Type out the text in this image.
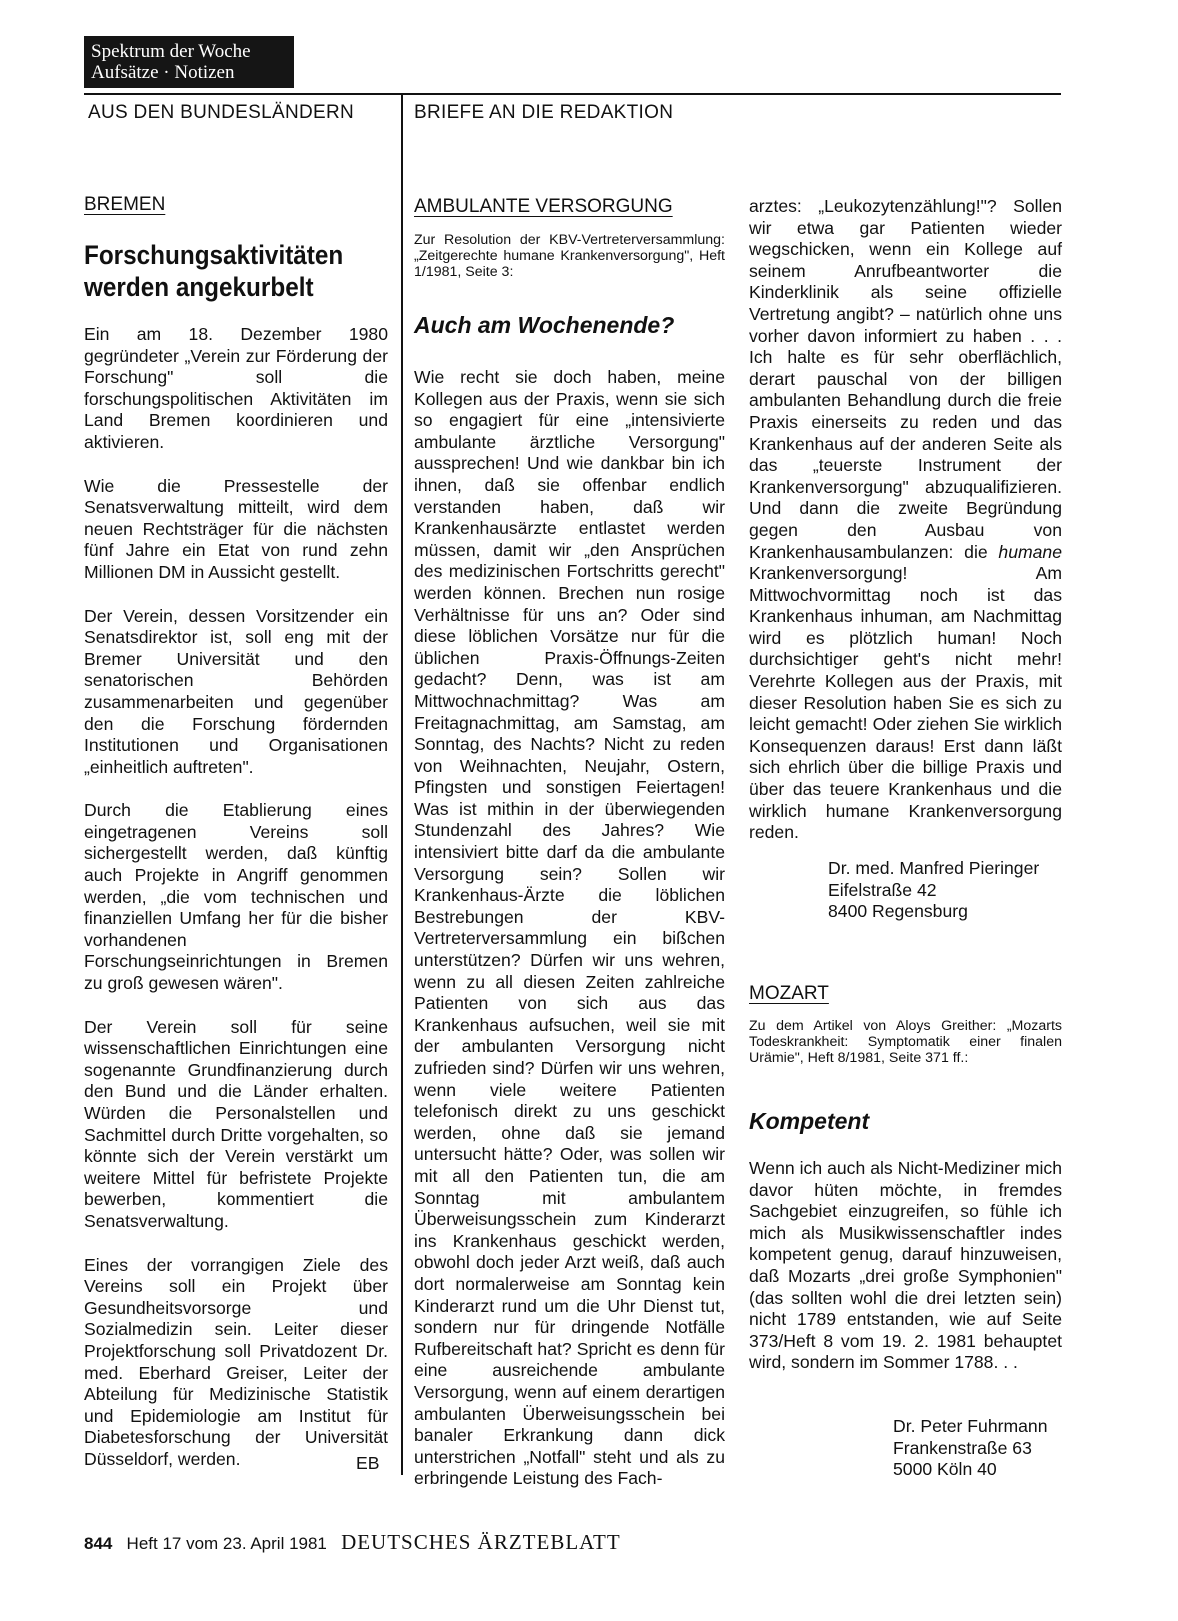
Spektrum der Woche
Aufsätze · Notizen
AUS DEN BUNDESLÄNDERN	BRIEFE AN DIE REDAKTION
BREMEN
Forschungsaktivitäten
werden angekurbelt

Ein am 18. Dezember 1980 gegründeter „Verein zur Förderung der Forschung" soll die forschungspolitischen Aktivitäten im Land Bremen koordinieren und aktivieren.

Wie die Pressestelle der Senatsverwaltung mitteilt, wird dem neuen Rechtsträger für die nächsten fünf Jahre ein Etat von rund zehn Millionen DM in Aussicht gestellt.

Der Verein, dessen Vorsitzender ein Senatsdirektor ist, soll eng mit der Bremer Universität und den senatorischen Behörden zusammenarbeiten und gegenüber den die Forschung fördernden Institutionen und Organisationen „einheitlich auftreten".

Durch die Etablierung eines eingetragenen Vereins soll sichergestellt werden, daß künftig auch Projekte in Angriff genommen werden, „die vom technischen und finanziellen Umfang her für die bisher vorhandenen Forschungseinrichtungen in Bremen zu groß gewesen wären".

Der Verein soll für seine wissenschaftlichen Einrichtungen eine sogenannte Grundfinanzierung durch den Bund und die Länder erhalten. Würden die Personalstellen und Sachmittel durch Dritte vorgehalten, so könnte sich der Verein verstärkt um weitere Mittel für befristete Projekte bewerben, kommentiert die Senatsverwaltung.

Eines der vorrangigen Ziele des Vereins soll ein Projekt über Gesundheitsvorsorge und Sozialmedizin sein. Leiter dieser Projektforschung soll Privatdozent Dr. med. Eberhard Greiser, Leiter der Abteilung für Medizinische Statistik und Epidemiologie am Institut für Diabetesforschung der Universität Düsseldorf, werden.	EB
AMBULANTE VERSORGUNG
Zur Resolution der KBV-Vertreterversammlung: „Zeitgerechte humane Krankenversorgung", Heft 1/1981, Seite 3:
Auch am Wochenende?

Wie recht sie doch haben, meine Kollegen aus der Praxis, wenn sie sich so engagiert für eine „intensivierte ambulante ärztliche Versorgung" aussprechen! Und wie dankbar bin ich ihnen, daß sie offenbar endlich verstanden haben, daß wir Krankenhausärzte entlastet werden müssen, damit wir „den Ansprüchen des medizinischen Fortschritts gerecht" werden können. Brechen nun rosige Verhältnisse für uns an? Oder sind diese löblichen Vorsätze nur für die üblichen Praxis-Öffnungs-Zeiten gedacht? Denn, was ist am Mittwochnachmittag? Was am Freitagnachmittag, am Samstag, am Sonntag, des Nachts? Nicht zu reden von Weihnachten, Neujahr, Ostern, Pfingsten und sonstigen Feiertagen! Was ist mithin in der überwiegenden Stundenzahl des Jahres? Wie intensiviert bitte darf da die ambulante Versorgung sein? Sollen wir Krankenhaus-Ärzte die löblichen Bestrebungen der KBV-Vertreterversammlung ein bißchen unterstützen? Dürfen wir uns wehren, wenn zu all diesen Zeiten zahlreiche Patienten von sich aus das Krankenhaus aufsuchen, weil sie mit der ambulanten Versorgung nicht zufrieden sind? Dürfen wir uns wehren, wenn viele weitere Patienten telefonisch direkt zu uns geschickt werden, ohne daß sie jemand untersucht hätte? Oder, was sollen wir mit all den Patienten tun, die am Sonntag mit ambulantem Überweisungsschein zum Kinderarzt ins Krankenhaus geschickt werden, obwohl doch jeder Arzt weiß, daß auch dort normalerweise am Sonntag kein Kinderarzt rund um die Uhr Dienst tut, sondern nur für dringende Notfälle Rufbereitschaft hat? Spricht es denn für eine ausreichende ambulante Versorgung, wenn auf einem derartigen ambulanten Überweisungsschein bei banaler Erkrankung dann dick unterstrichen „Notfall" steht und als zu erbringende Leistung des Fach-

arztes: „Leukozytenzählung!"? Sollen wir etwa gar Patienten wieder wegschicken, wenn ein Kollege auf seinem Anrufbeantworter die Kinderklinik als seine offizielle Vertretung angibt? – natürlich ohne uns vorher davon informiert zu haben . . . Ich halte es für sehr oberflächlich, derart pauschal von der billigen ambulanten Behandlung durch die freie Praxis einerseits zu reden und das Krankenhaus auf der anderen Seite als das „teuerste Instrument der Krankenversorgung" abzuqualifizieren. Und dann die zweite Begründung gegen den Ausbau von Krankenhausambulanzen: die humane Krankenversorgung! Am Mittwochvormittag noch ist das Krankenhaus inhuman, am Nachmittag wird es plötzlich human! Noch durchsichtiger geht's nicht mehr! Verehrte Kollegen aus der Praxis, mit dieser Resolution haben Sie es sich zu leicht gemacht! Oder ziehen Sie wirklich Konsequenzen daraus! Erst dann läßt sich ehrlich über die billige Praxis und über das teuere Krankenhaus und die wirklich humane Krankenversorgung reden.

Dr. med. Manfred Pieringer
Eifelstraße 42
8400 Regensburg
MOZART
Zu dem Artikel von Aloys Greither: „Mozarts Todeskrankheit: Symptomatik einer finalen Urämie", Heft 8/1981, Seite 371 ff.:
Kompetent

Wenn ich auch als Nicht-Mediziner mich davor hüten möchte, in fremdes Sachgebiet einzugreifen, so fühle ich mich als Musikwissenschaftler indes kompetent genug, darauf hinzuweisen, daß Mozarts „drei große Symphonien" (das sollten wohl die drei letzten sein) nicht 1789 entstanden, wie auf Seite 373/Heft 8 vom 19. 2. 1981 behauptet wird, sondern im Sommer 1788. . .

Dr. Peter Fuhrmann
Frankenstraße 63
5000 Köln 40
844 Heft 17 vom 23. April 1981 DEUTSCHES ÄRZTEBLATT
